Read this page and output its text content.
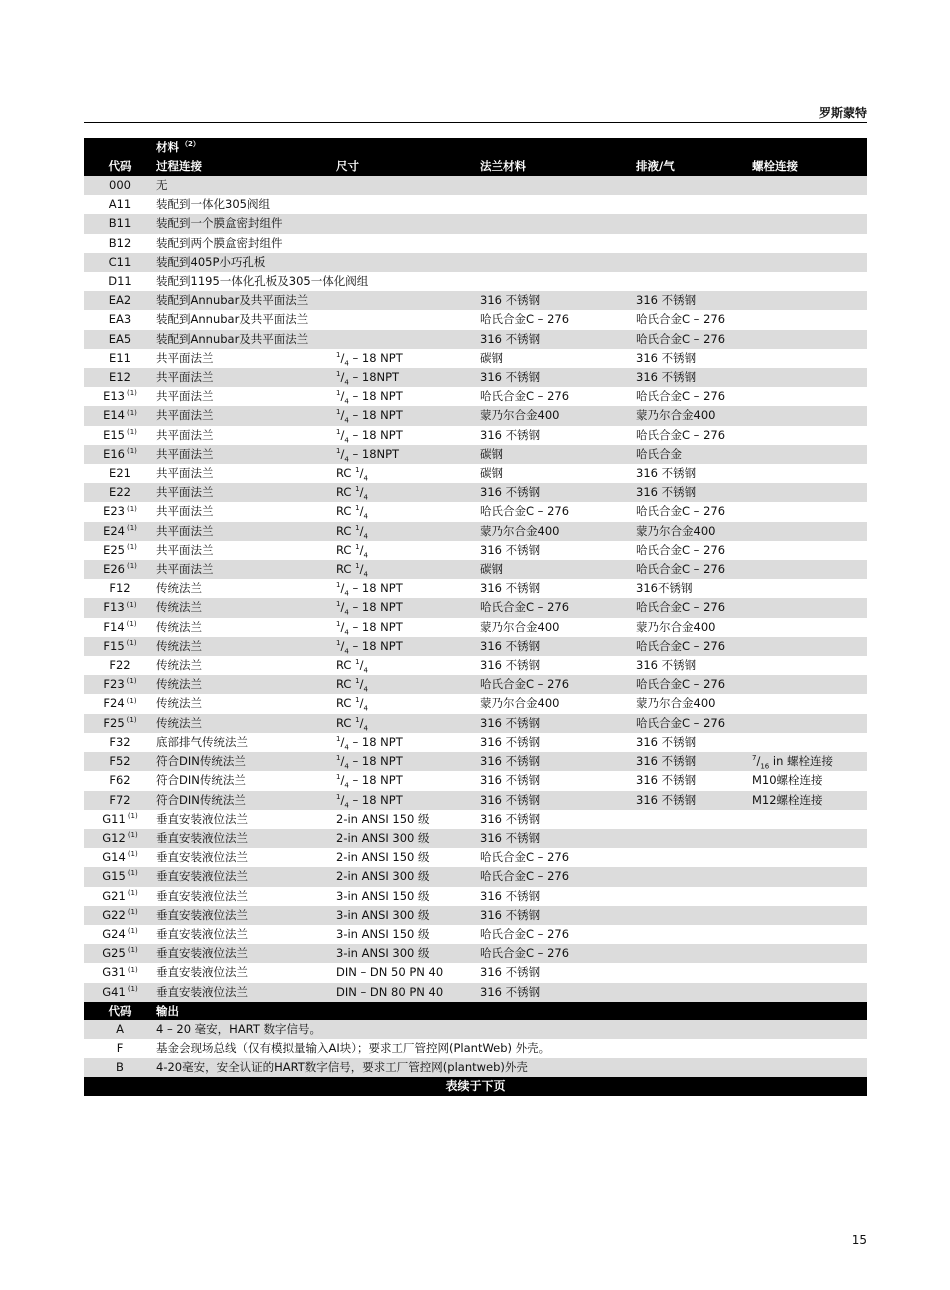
罗斯蒙特
	材料 $^{(2)}$				
代码	过程连接	尺寸	法兰材料	排液/气	螺栓连接
000	无				
A11	装配到一体化305阀组				
B11	装配到一个膜盒密封组件				
B12	装配到两个膜盒密封组件				
C11	装配到405P小巧孔板				
D11	装配到1195一体化孔板及305一体化阀组				
EA2	装配到Annubar及共平面法兰		316 不锈钢	316 不锈钢	
EA3	装配到Annubar及共平面法兰		哈氏合金C – 276	哈氏合金C – 276	
EA5	装配到Annubar及共平面法兰		316 不锈钢	哈氏合金C – 276	
E11	共平面法兰	$^1/_4 - 18$ NPT	碳钢	316 不锈钢	
E12	共平面法兰	$^1/_4 - 18NPT$	316 不锈钢	316 不锈钢	
E13 $^{(1)}$	共平面法兰	$^1/_4 - 18$ NPT	哈氏合金C – 276	哈氏合金C – 276	
E14 $^{(1)}$	共平面法兰	$^1/_4 - 18$ NPT	蒙乃尔合金400	蒙乃尔合金400	
E15 $^{(1)}$	共平面法兰	$^1/_4 - 18$ NPT	316 不锈钢	哈氏合金C – 276	
E16 $^{(1)}$	共平面法兰	$^1/_4 - 18NPT$	碳钢	哈氏合金	
E21	共平面法兰	RC $^1/_4$	碳钢	316 不锈钢	
E22	共平面法兰	RC $^1/_4$	316 不锈钢	316 不锈钢	
E23 $^{(1)}$	共平面法兰	RC $^1/_4$	哈氏合金C – 276	哈氏合金C – 276	
E24 $^{(1)}$	共平面法兰	RC $^1/_4$	蒙乃尔合金400	蒙乃尔合金400	
E25 $^{(1)}$	共平面法兰	RC $^1/_4$	316 不锈钢	哈氏合金C – 276	
E26 $^{(1)}$	共平面法兰	RC $^1/_4$	碳钢	哈氏合金C – 276	
F12	传统法兰	$^1/_4 - 18$ NPT	316 不锈钢	316不锈钢	
F13 $^{(1)}$	传统法兰	$^1/_4 - 18$ NPT	哈氏合金C – 276	哈氏合金C – 276	
F14 $^{(1)}$	传统法兰	$^1/_4 - 18$ NPT	蒙乃尔合金400	蒙乃尔合金400	
F15 $^{(1)}$	传统法兰	$^1/_4 - 18$ NPT	316 不锈钢	哈氏合金C – 276	
F22	传统法兰	RC $^1/_4$	316 不锈钢	316 不锈钢	
F23 $^{(1)}$	传统法兰	RC $^1/_4$	哈氏合金C – 276	哈氏合金C – 276	
F24 $^{(1)}$	传统法兰	RC $^1/_4$	蒙乃尔合金400	蒙乃尔合金400	
F25 $^{(1)}$	传统法兰	RC $^1/_4$	316 不锈钢	哈氏合金C – 276	
F32	底部排气传统法兰	$^1/_4 - 18$ NPT	316 不锈钢	316 不锈钢	
F52	符合DIN传统法兰	$^1/_4 - 18$ NPT	316 不锈钢	316 不锈钢	$^7/_{16}$ in 螺栓连接
F62	符合DIN传统法兰	$^1/_4 - 18$ NPT	316 不锈钢	316 不锈钢	M10螺栓连接
F72	符合DIN传统法兰	$^1/_4 - 18$ NPT	316 不锈钢	316 不锈钢	M12螺栓连接
G11 $^{(1)}$	垂直安装液位法兰	2-in ANSI 150 级	316 不锈钢		
G12 $^{(1)}$	垂直安装液位法兰	2-in ANSI 300 级	316 不锈钢		
G14 $^{(1)}$	垂直安装液位法兰	2-in ANSI 150 级	哈氏合金C – 276		
G15 $^{(1)}$	垂直安装液位法兰	2-in ANSI 300 级	哈氏合金C – 276		
G21 $^{(1)}$	垂直安装液位法兰	3-in ANSI 150 级	316 不锈钢		
G22 $^{(1)}$	垂直安装液位法兰	3-in ANSI 300 级	316 不锈钢		
G24 $^{(1)}$	垂直安装液位法兰	3-in ANSI 150 级	哈氏合金C – 276		
G25 $^{(1)}$	垂直安装液位法兰	3-in ANSI 300 级	哈氏合金C – 276		
G31 $^{(1)}$	垂直安装液位法兰	DIN – DN 50 PN 40	316 不锈钢		
G41 $^{(1)}$	垂直安装液位法兰	DIN – DN 80 PN 40	316 不锈钢		
代码	输出				
A	4 – 20 毫安，HART 数字信号。				
F	基金会现场总线（仅有模拟量输入AI块）；要求工厂管控网(PlantWeb) 外壳。				
B	4-20毫安，安全认证的HART数字信号，要求工厂管控网(plantweb)外壳				
表续于下页
15
